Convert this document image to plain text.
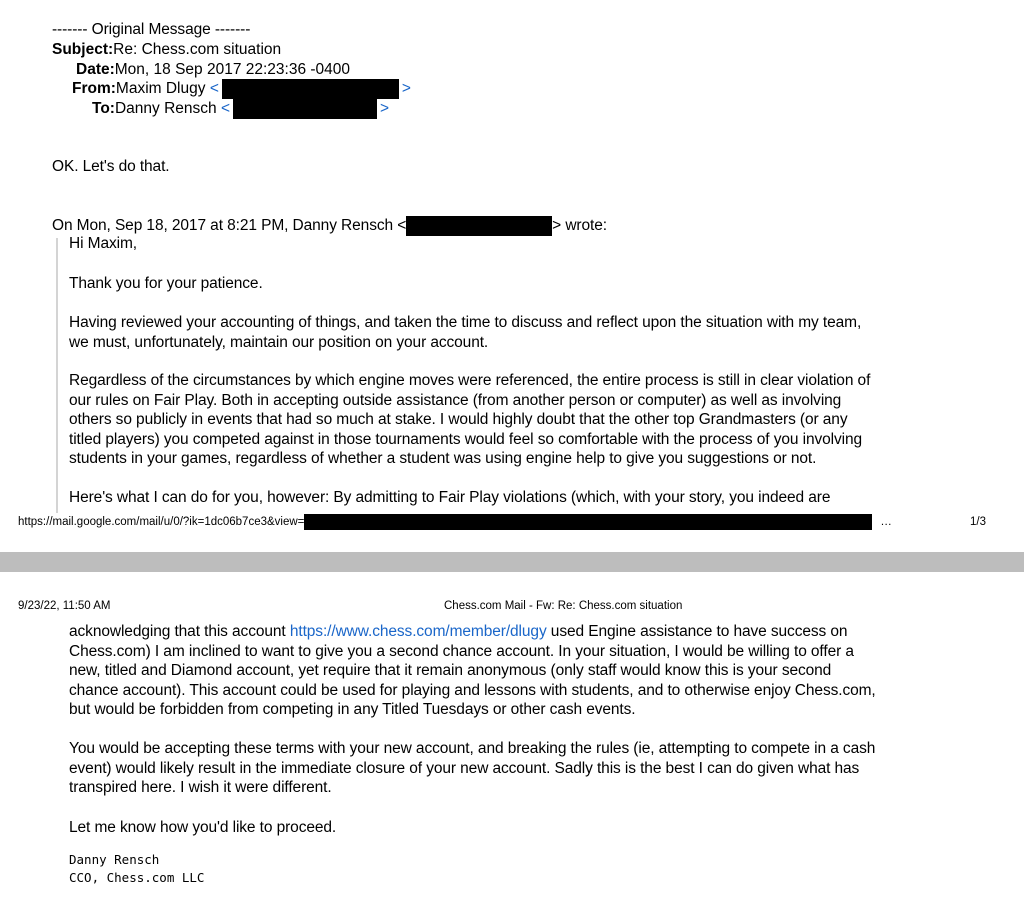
------- Original Message -------
Subject:Re: Chess.com situation
Date:Mon, 18 Sep 2017 22:23:36 -0400
From:Maxim Dlugy <	>
To:Danny Rensch <	>
OK. Let's do that.
On Mon, Sep 18, 2017 at 8:21 PM, Danny Rensch <	> wrote:
Hi Maxim,
Thank you for your patience.

Having reviewed your accounting of things, and taken the time to discuss and reflect upon the situation with my team,

we must, unfortunately, maintain our position on your account.

Regardless of the circumstances by which engine moves were referenced, the entire process is still in clear violation of

our rules on Fair Play. Both in accepting outside assistance (from another person or computer) as well as involving

others so publicly in events that had so much at stake. I would highly doubt that the other top Grandmasters (or any

titled players) you competed against in those tournaments would feel so comfortable with the process of you involving

students in your games, regardless of whether a student was using engine help to give you suggestions or not.

Here's what I can do for you, however: By admitting to Fair Play violations (which, with your story, you indeed are
https://mail.google.com/mail/u/0/?ik=1dc06b7ce3&view=	…	1/3
9/23/22, 11:50 AM	Chess.com Mail - Fw: Re: Chess.com situation

acknowledging that this account https://www.chess.com/member/dlugy used Engine assistance to have success on

Chess.com) I am inclined to want to give you a second chance account. In your situation, I would be willing to offer a

new, titled and Diamond account, yet require that it remain anonymous (only staff would know this is your second

chance account). This account could be used for playing and lessons with students, and to otherwise enjoy Chess.com,

but would be forbidden from competing in any Titled Tuesdays or other cash events.

You would be accepting these terms with your new account, and breaking the rules (ie, attempting to compete in a cash

event) would likely result in the immediate closure of your new account. Sadly this is the best I can do given what has

transpired here. I wish it were different.

Let me know how you'd like to proceed.
Danny Rensch
CCO, Chess.com LLC
